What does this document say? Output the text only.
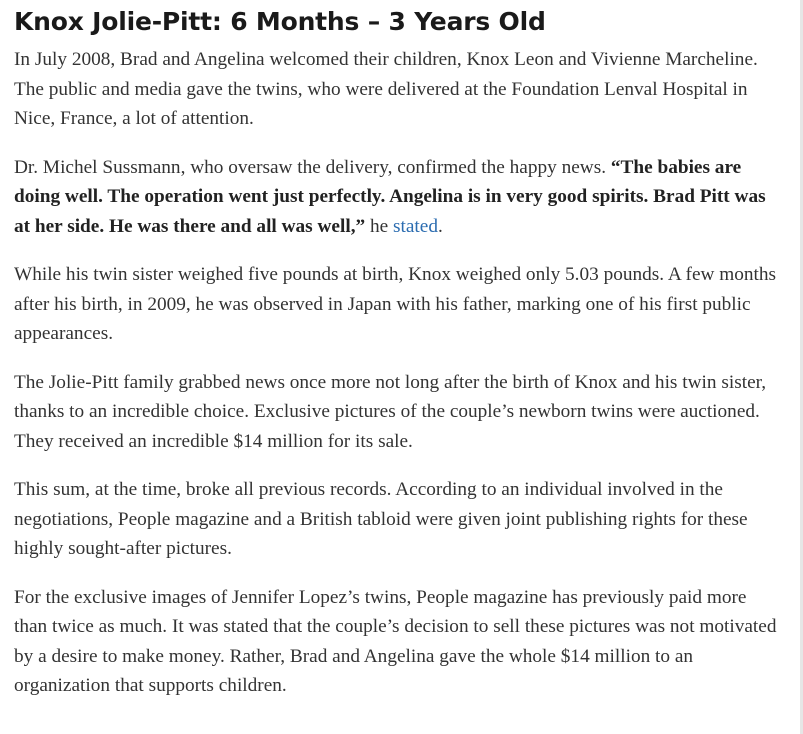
Knox Jolie-Pitt: 6 Months – 3 Years Old

In July 2008, Brad and Angelina welcomed their children, Knox Leon and Vivienne Marcheline. The public and media gave the twins, who were delivered at the Foundation Lenval Hospital in Nice, France, a lot of attention.

Dr. Michel Sussmann, who oversaw the delivery, confirmed the happy news. “The babies are doing well. The operation went just perfectly. Angelina is in very good spirits. Brad Pitt was at her side. He was there and all was well,” he stated.

While his twin sister weighed five pounds at birth, Knox weighed only 5.03 pounds. A few months after his birth, in 2009, he was observed in Japan with his father, marking one of his first public appearances.

The Jolie-Pitt family grabbed news once more not long after the birth of Knox and his twin sister, thanks to an incredible choice. Exclusive pictures of the couple’s newborn twins were auctioned. They received an incredible $14 million for its sale.

This sum, at the time, broke all previous records. According to an individual involved in the negotiations, People magazine and a British tabloid were given joint publishing rights for these highly sought-after pictures.

For the exclusive images of Jennifer Lopez’s twins, People magazine has previously paid more than twice as much. It was stated that the couple’s decision to sell these pictures was not motivated by a desire to make money. Rather, Brad and Angelina gave the whole $14 million to an organization that supports children.
